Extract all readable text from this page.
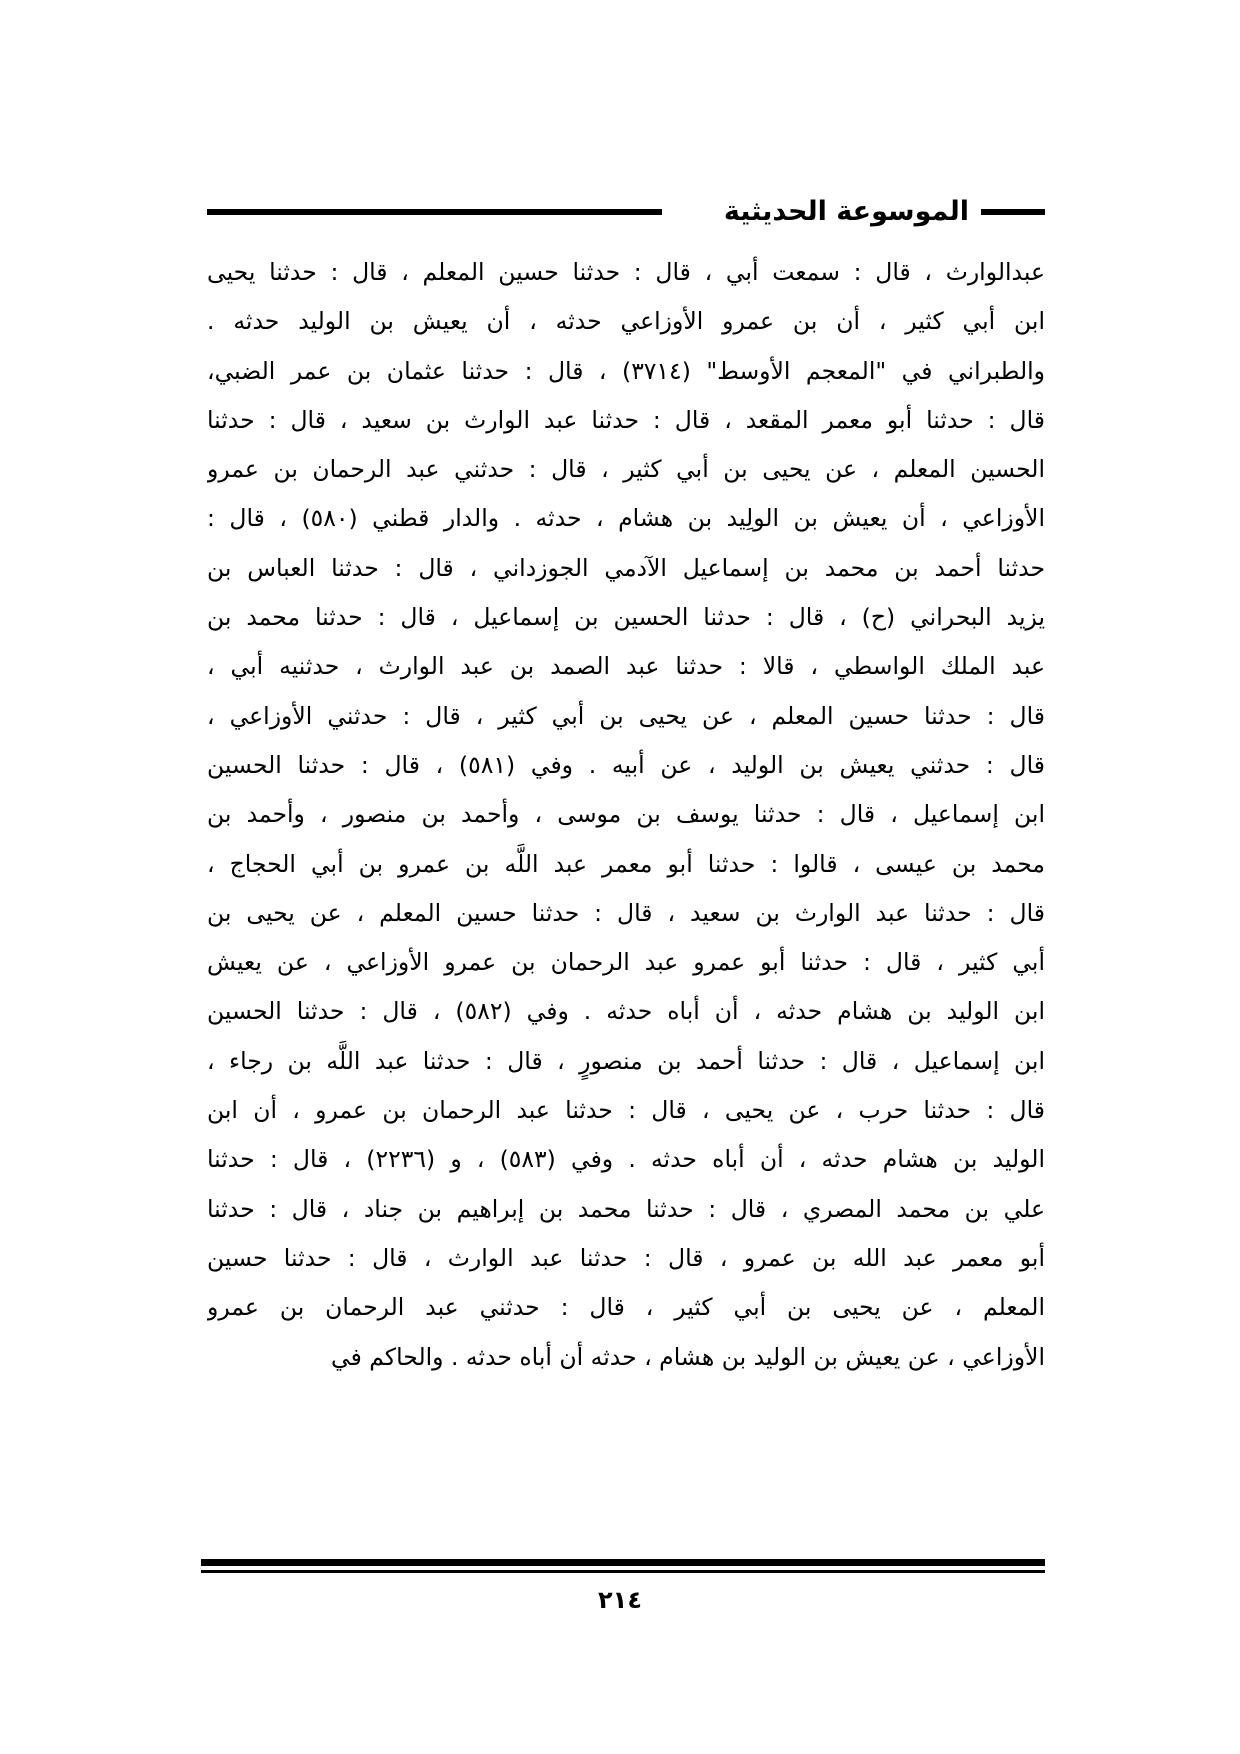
الموسوعة الحديثية
عبدالوارث ، قال : سمعت أبي ، قال : حدثنا حسين المعلم ، قال : حدثنا يحيى
ابن أبي كثير ، أن بن عمرو الأوزاعي حدثه ، أن يعيش بن الوليد حدثه .
والطبراني في "المعجم الأوسط" (٣٧١٤) ، قال : حدثنا عثمان بن عمر الضبي،
قال : حدثنا أبو معمر المقعد ، قال : حدثنا عبد الوارث بن سعيد ، قال : حدثنا
الحسين المعلم ، عن يحيى بن أبي كثير ، قال : حدثني عبد الرحمان بن عمرو
الأوزاعي ، أن يعيش بن الولِيد بن هشام ، حدثه . والدار قطني (٥٨٠) ، قال :
حدثنا أحمد بن محمد بن إسماعيل الآدمي الجوزداني ، قال : حدثنا العباس بن
يزيد البحراني (ح) ، قال : حدثنا الحسين بن إسماعيل ، قال : حدثنا محمد بن
عبد الملك الواسطي ، قالا : حدثنا عبد الصمد بن عبد الوارث ، حدثنيه أبي ،
قال : حدثنا حسين المعلم ، عن يحيى بن أبي كثير ، قال : حدثني الأوزاعي ،
قال : حدثني يعيش بن الوليد ، عن أبيه . وفي (٥٨١) ، قال : حدثنا الحسين
ابن إسماعيل ، قال : حدثنا يوسف بن موسى ، وأحمد بن منصور ، وأحمد بن
محمد بن عيسى ، قالوا : حدثنا أبو معمر عبد اللَّه بن عمرو بن أبي الحجاج ،
قال : حدثنا عبد الوارث بن سعيد ، قال : حدثنا حسين المعلم ، عن يحيى بن
أبي كثير ، قال : حدثنا أبو عمرو عبد الرحمان بن عمرو الأوزاعي ، عن يعيش
ابن الوليد بن هشام حدثه ، أن أباه حدثه . وفي (٥٨٢) ، قال : حدثنا الحسين
ابن إسماعيل ، قال : حدثنا أحمد بن منصورٍ ، قال : حدثنا عبد اللَّه بن رجاء ،
قال : حدثنا حرب ، عن يحيى ، قال : حدثنا عبد الرحمان بن عمرو ، أن ابن
الوليد بن هشام حدثه ، أن أباه حدثه . وفي (٥٨٣) ، و (٢٢٣٦) ، قال : حدثنا
علي بن محمد المصري ، قال : حدثنا محمد بن إبراهيم بن جناد ، قال : حدثنا
أبو معمر عبد الله بن عمرو ، قال : حدثنا عبد الوارث ، قال : حدثنا حسين
المعلم ، عن يحيى بن أبي كثير ، قال : حدثني عبد الرحمان بن عمرو
الأوزاعي ، عن يعيش بن الوليد بن هشام ، حدثه أن أباه حدثه . والحاكم في
٢١٤
